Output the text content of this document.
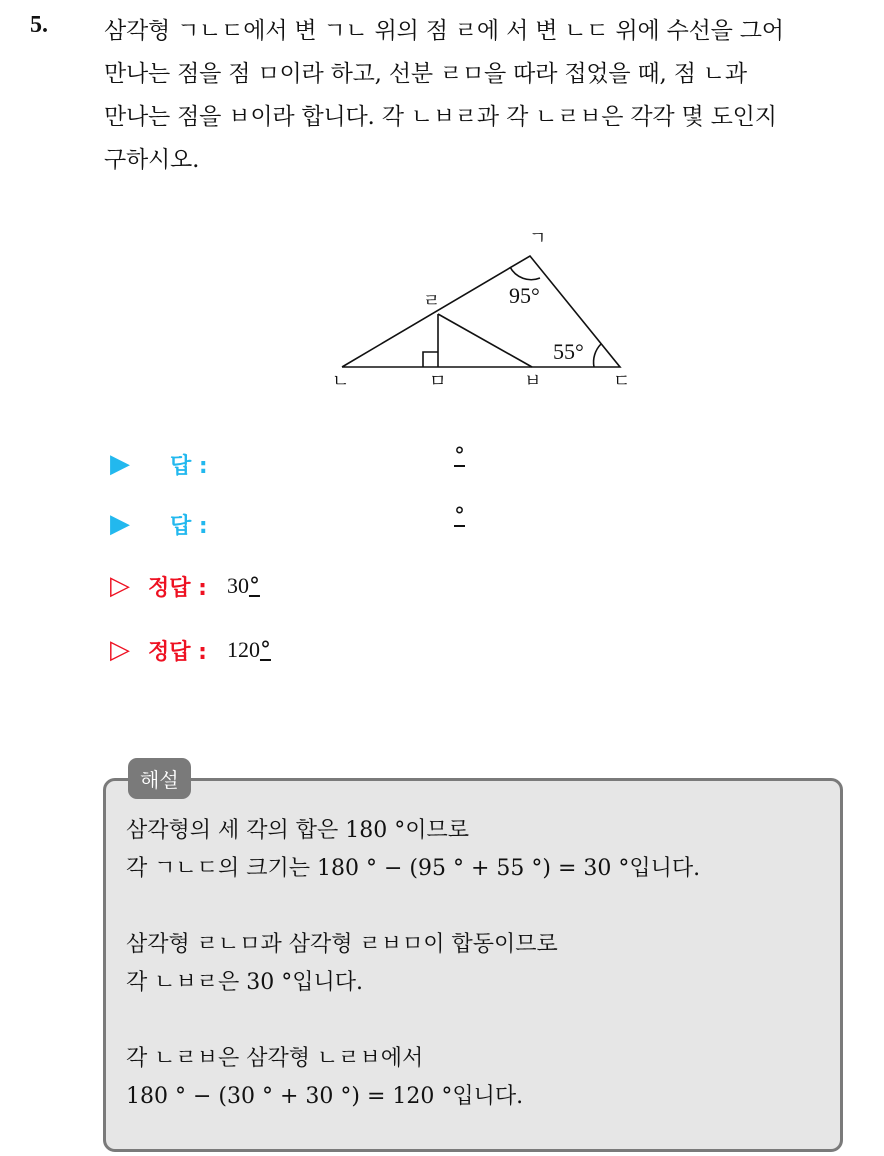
5. 삼각형 ㄱㄴㄷ에서 변 ㄱㄴ 위의 점 ㄹ에 서 변 ㄴㄷ 위에 수선을 그어
만나는 점을 점 ㅁ이라 하고, 선분 ㄹㅁ을 따라 접었을 때, 점 ㄴ과
만나는 점을 ㅂ이라 합니다. 각 ㄴㅂㄹ과 각 ㄴㄹㅂ은 각각 몇 도인지
구하시오.
ㄱ
ㄹ
ㄴ	ㅁ	ㅂ	ㄷ
95°
55°
▶	답 :	°
▶	답 :	°
▷ 정답 : 30 °
▷ 정답 : 120 °
해설
삼각형의 세 각의 합은 180 °이므로
각 ㄱㄴㄷ의 크기는 180 ° − (95 ° + 55 °) = 30 °입니다.
삼각형 ㄹㄴㅁ과 삼각형 ㄹㅂㅁ이 합동이므로
각 ㄴㅂㄹ은 30 °입니다.
각 ㄴㄹㅂ은 삼각형 ㄴㄹㅂ에서
180 ° − (30 ° + 30 °) = 120 °입니다.
